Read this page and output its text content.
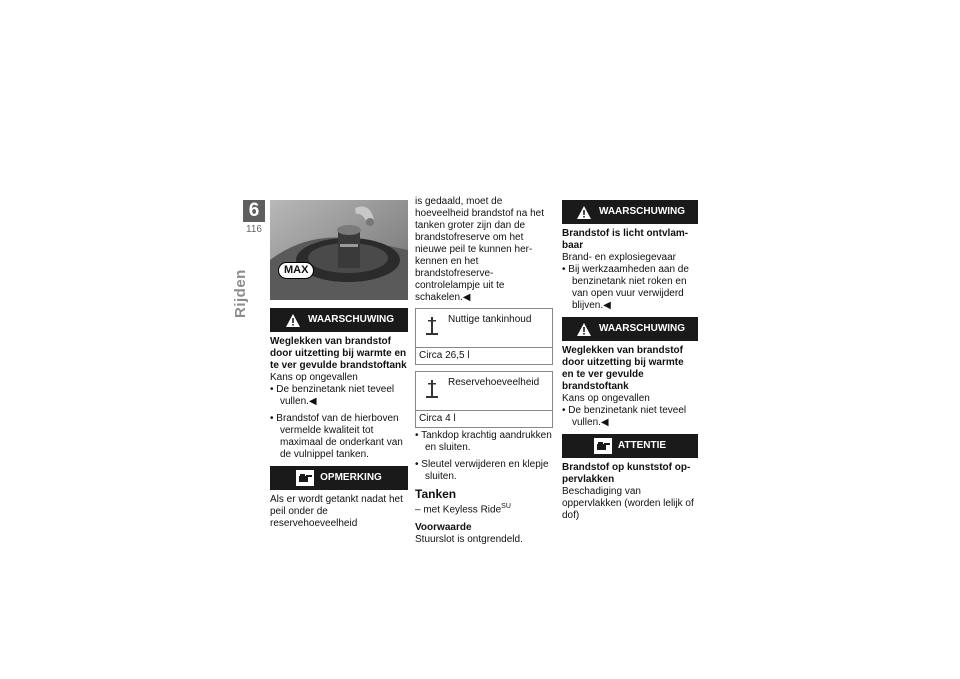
6
116
Rijden	MAX
WAARSCHUWING

Weglekken van brandstof door uitzetting bij warmte en te ver gevulde brandstoftank

Kans op ongevallen

• De benzinetank niet teveel vullen.◀

• Brandstof van de hierboven vermelde kwaliteit tot maximaal de onderkant van de vulnippel tanken.

OPMERKING

Als er wordt getankt nadat het peil onder de reservehoeveelheid

is gedaald, moet de hoeveelheid brandstof na het tanken groter zijn dan de brandstofreserve om het nieuwe peil te kunnen her-kennen en het brandstofreserve-controlelampje uit te schakelen.◀

Nuttige tankinhoud
Circa 26,5 l
Reservehoeveelheid
Circa 4 l

• Tankdop krachtig aandrukken en sluiten.

• Sleutel verwijderen en klepje sluiten.

Tanken

– met Keyless Ride$^{SU}$

Voorwaarde

Stuurslot is ontgrendeld.

WAARSCHUWING

Brandstof is licht ontvlam-baar

Brand- en explosiegevaar

• Bij werkzaamheden aan de benzinetank niet roken en van open vuur verwijderd blijven.◀

WAARSCHUWING

Weglekken van brandstof door uitzetting bij warmte en te ver gevulde brandstoftank

Kans op ongevallen

• De benzinetank niet teveel vullen.◀

ATTENTIE

Brandstof op kunststof op-pervlakken

Beschadiging van oppervlakken (worden lelijk of dof)
